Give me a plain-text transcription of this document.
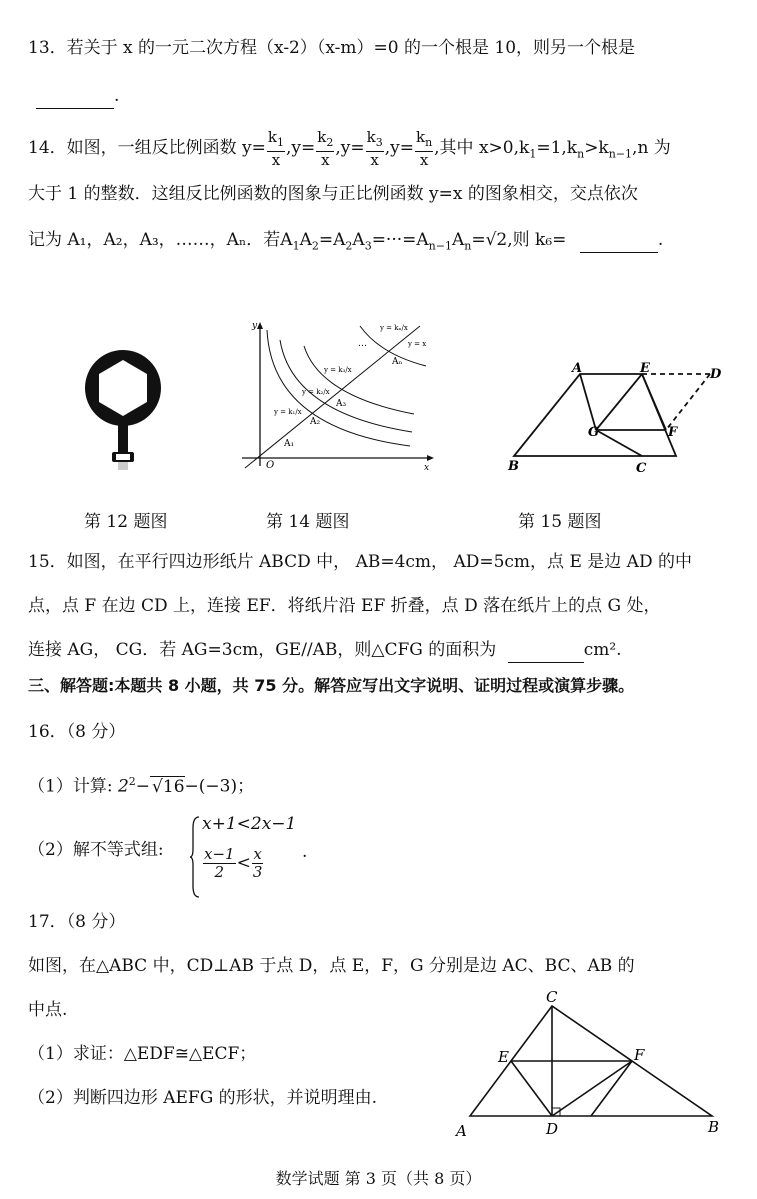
13．若关于 x 的一元二次方程（x-2）（x-m）=0 的一个根是 10，则另一个根是
.
14．如图，一组反比例函数 $y= \frac{k_1}{x} ,y= \frac{k_2}{x} ,y= \frac{k_3}{x} ,y= \frac{k_n}{x}$ ,其中 $x>0,k_1=1,k_n>k_{n-1},n$ 为
大于 1 的整数．这组反比例函数的图象与正比例函数 y=x 的图象相交，交点依次
记为 A₁，A₂，A₃，……，Aₙ．若$A_1A_2=A_2A_3=\cdot\cdot\cdot=A_{n-1}A_n=√2$,则 k₆=	.
y
x
O
A₁
A₂
A₃
Aₙ
y = k₁/x
y = k₂/x
y = k₃/x
y = kₙ/x
y = x
…
A	E	D
G	F
B	C
第 12 题图	第 14 题图	第 15 题图
15．如图，在平行四边形纸片 ABCD 中， AB=4cm， AD=5cm，点 E 是边 AD 的中
点，点 F 在边 CD 上，连接 EF．将纸片沿 EF 折叠，点 D 落在纸片上的点 G 处，
连接 AG， CG．若 AG=3cm，GE//AB，则△CFG 的面积为	cm².
三、解答题:本题共 8 小题，共 75 分。解答应写出文字说明、证明过程或演算步骤。
16．（8 分）
（1）计算: $2^2- √16-(-3)$；
（2）解不等式组:
x+1<2x−1
$\frac{x-1}{2} < \frac{x}{3}$ .
17．（8 分）
如图，在△ABC 中，CD⊥AB 于点 D，点 E，F，G 分别是边 AC、BC、AB 的
中点.
（1）求证：△EDF≅△ECF；
（2）判断四边形 AEFG 的形状，并说明理由.
C
E	F
A	D	B
数学试题 第 3 页（共 8 页）
